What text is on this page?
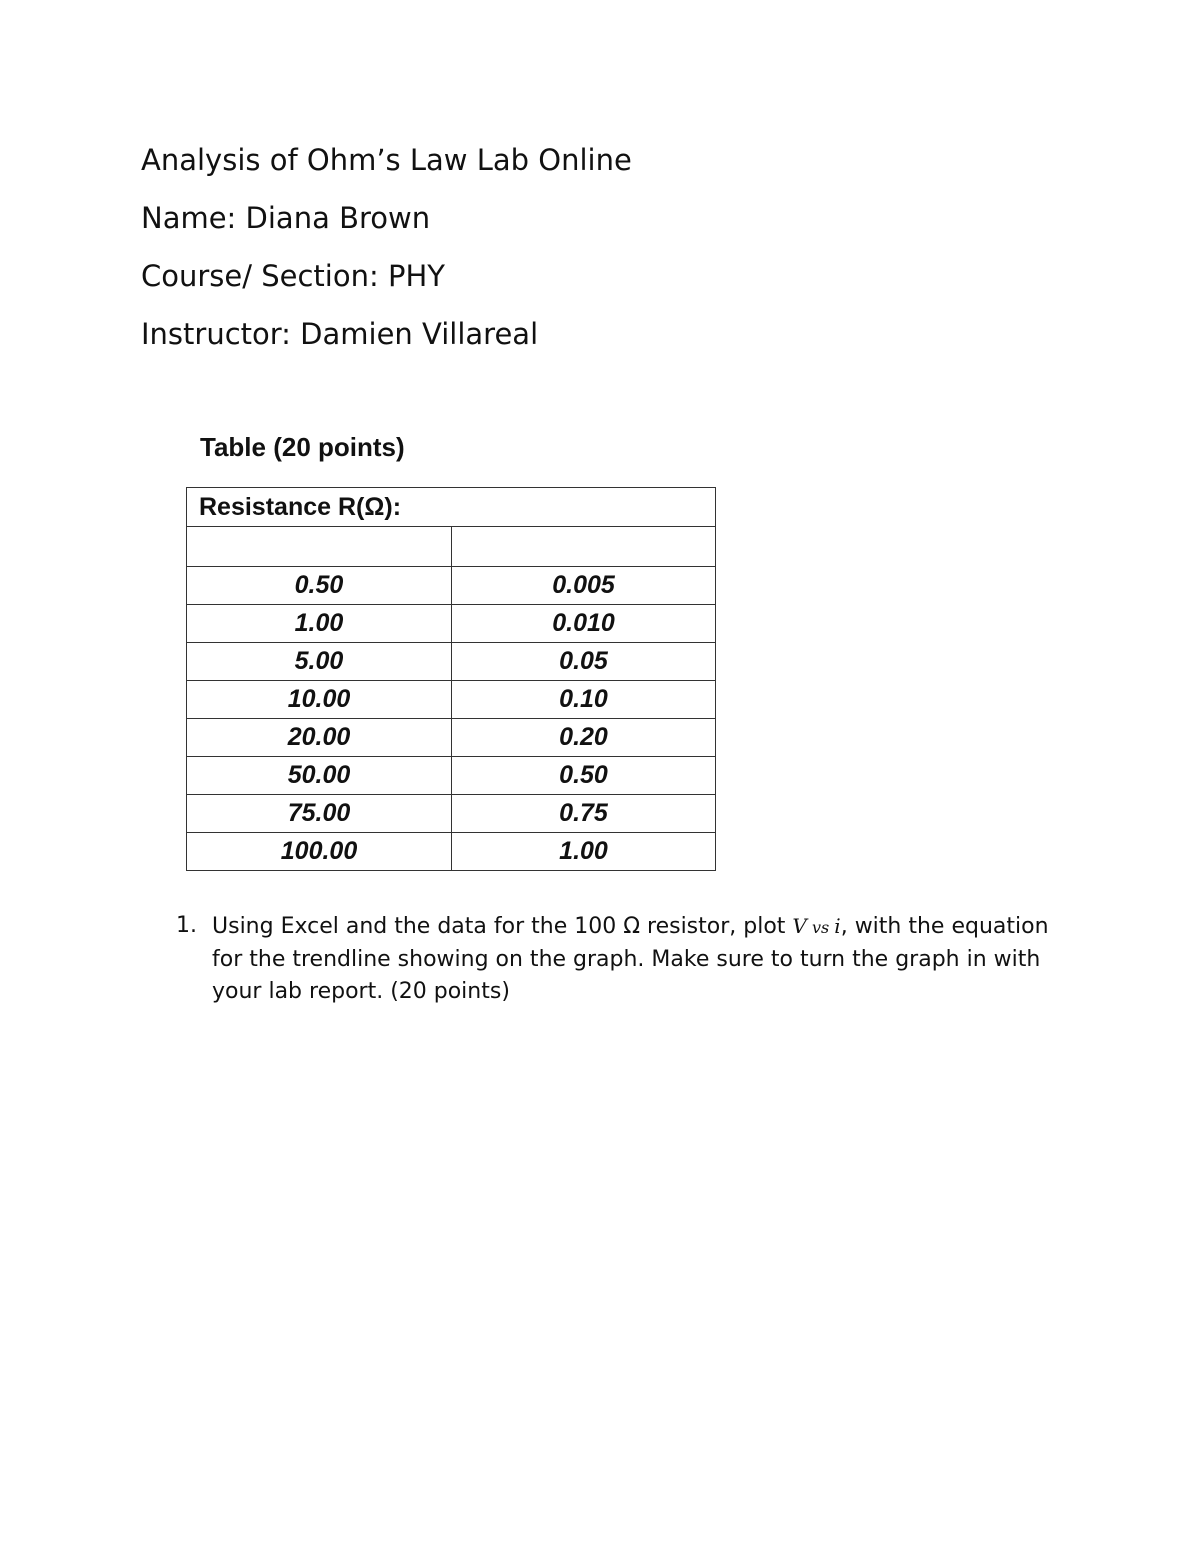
Analysis of Ohm’s Law Lab Online
Name: Diana Brown
Course/ Section: PHY
Instructor: Damien Villareal
Table (20 points)
Resistance R(Ω):	

0.50	0.005
1.00	0.010
5.00	0.05
10.00	0.10
20.00	0.20
50.00	0.50
75.00	0.75
100.00	1.00
1. Using Excel and the data for the 100 Ω resistor, plot V vs i, with the equation for the trendline showing on the graph. Make sure to turn the graph in with your lab report. (20 points)
